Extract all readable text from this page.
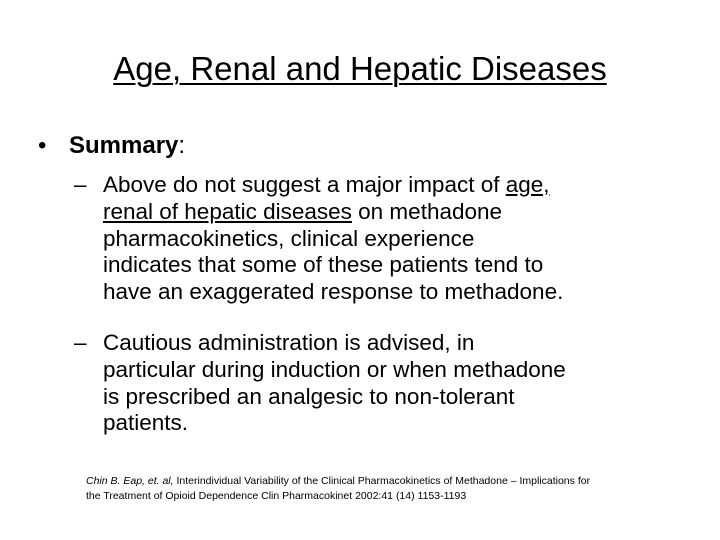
Age, Renal and Hepatic Diseases
• Summary:
– Above do not suggest a major impact of age,
renal of hepatic diseases on methadone
pharmacokinetics, clinical experience
indicates that some of these patients tend to
have an exaggerated response to methadone.
– Cautious administration is advised, in
particular during induction or when methadone
is prescribed an analgesic to non-tolerant
patients.
Chin B. Eap, et. al, Interindividual Variability of the Clinical Pharmacokinetics of Methadone – Implications for
the Treatment of Opioid Dependence Clin Pharmacokinet 2002:41 (14) 1153-1193
